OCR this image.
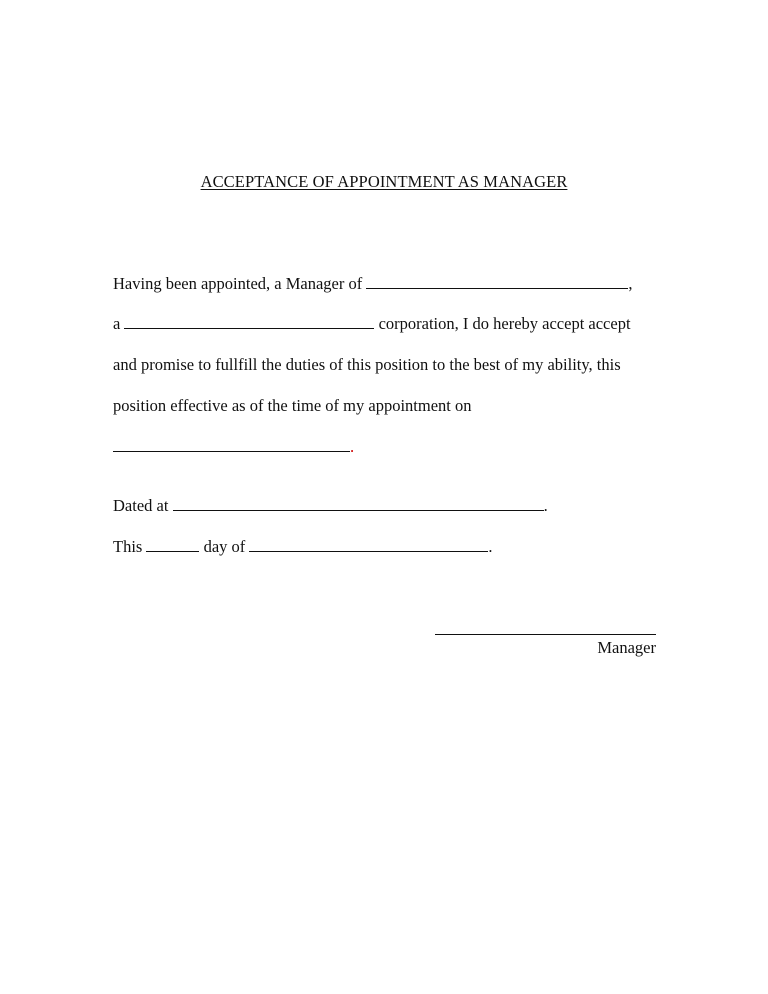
ACCEPTANCE OF APPOINTMENT AS MANAGER
Having been appointed, a Manager of	,
a	corporation, I do hereby accept accept
and promise to fullfill the duties of this position to the best of my ability, this
position effective as of the time of my appointment on
.
Dated at	.
This	day of	.
Manager
